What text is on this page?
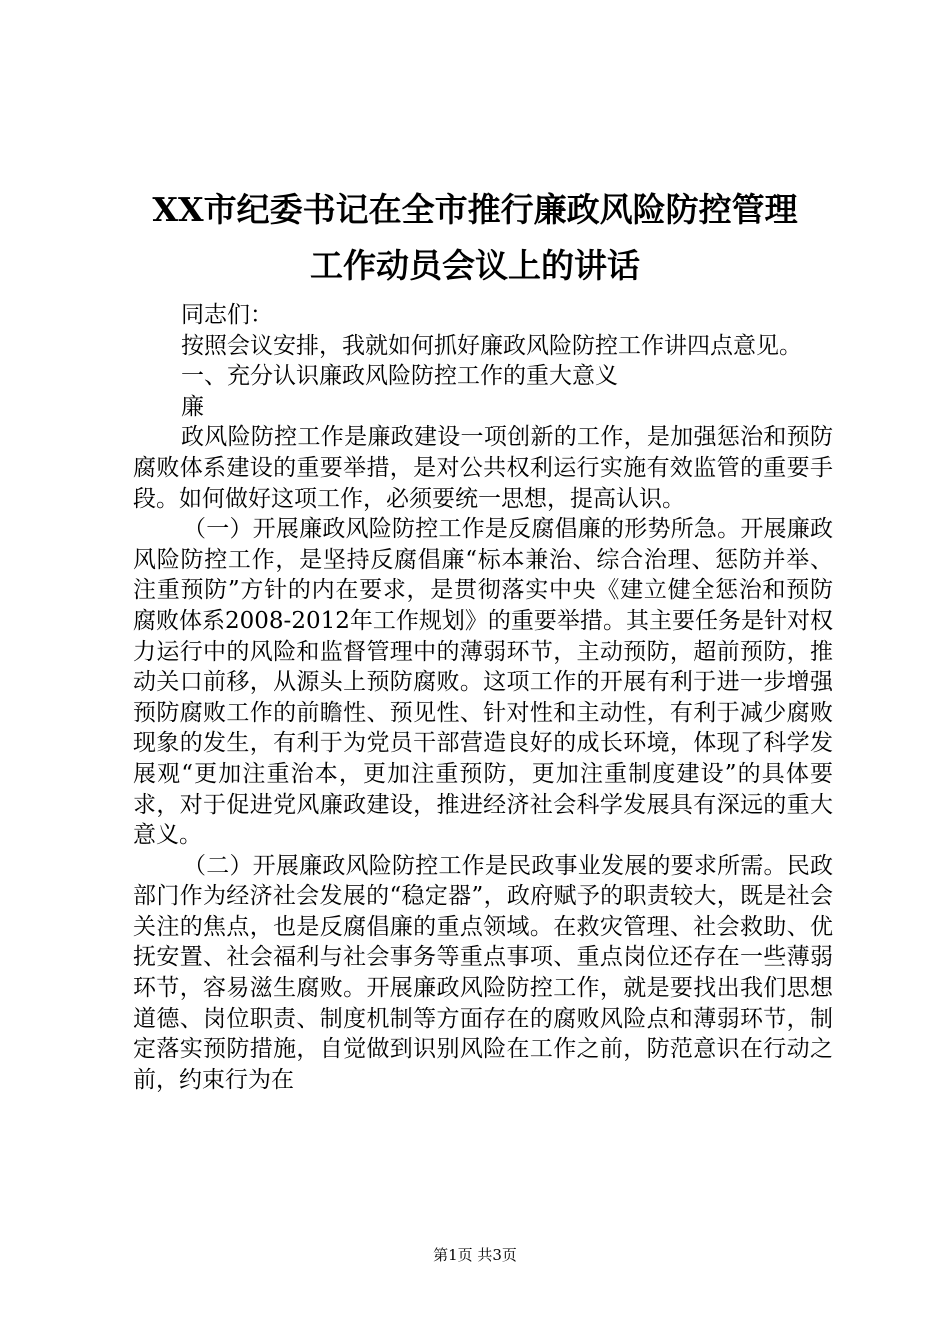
XX市纪委书记在全市推行廉政风险防控管理
工作动员会议上的讲话

同志们：

按照会议安排，我就如何抓好廉政风险防控工作讲四点意见。

一、充分认识廉政风险防控工作的重大意义

廉

政风险防控工作是廉政建设一项创新的工作，是加强惩治和预防腐败体系建设的重要举措，是对公共权利运行实施有效监管的重要手段。如何做好这项工作，必须要统一思想，提高认识。

（一）开展廉政风险防控工作是反腐倡廉的形势所急。开展廉政风险防控工作，是坚持反腐倡廉“标本兼治、综合治理、惩防并举、注重预防”方针的内在要求，是贯彻落实中央《建立健全惩治和预防腐败体系2008-2012年工作规划》的重要举措。其主要任务是针对权力运行中的风险和监督管理中的薄弱环节，主动预防，超前预防，推动关口前移，从源头上预防腐败。这项工作的开展有利于进一步增强预防腐败工作的前瞻性、预见性、针对性和主动性，有利于减少腐败现象的发生，有利于为党员干部营造良好的成长环境，体现了科学发展观“更加注重治本，更加注重预防，更加注重制度建设”的具体要求，对于促进党风廉政建设，推进经济社会科学发展具有深远的重大意义。

（二）开展廉政风险防控工作是民政事业发展的要求所需。民政部门作为经济社会发展的“稳定器”，政府赋予的职责较大，既是社会关注的焦点，也是反腐倡廉的重点领域。在救灾管理、社会救助、优抚安置、社会福利与社会事务等重点事项、重点岗位还存在一些薄弱环节，容易滋生腐败。开展廉政风险防控工作，就是要找出我们思想道德、岗位职责、制度机制等方面存在的腐败风险点和薄弱环节，制定落实预防措施，自觉做到识别风险在工作之前，防范意识在行动之前，约束行为在

第1页 共3页
